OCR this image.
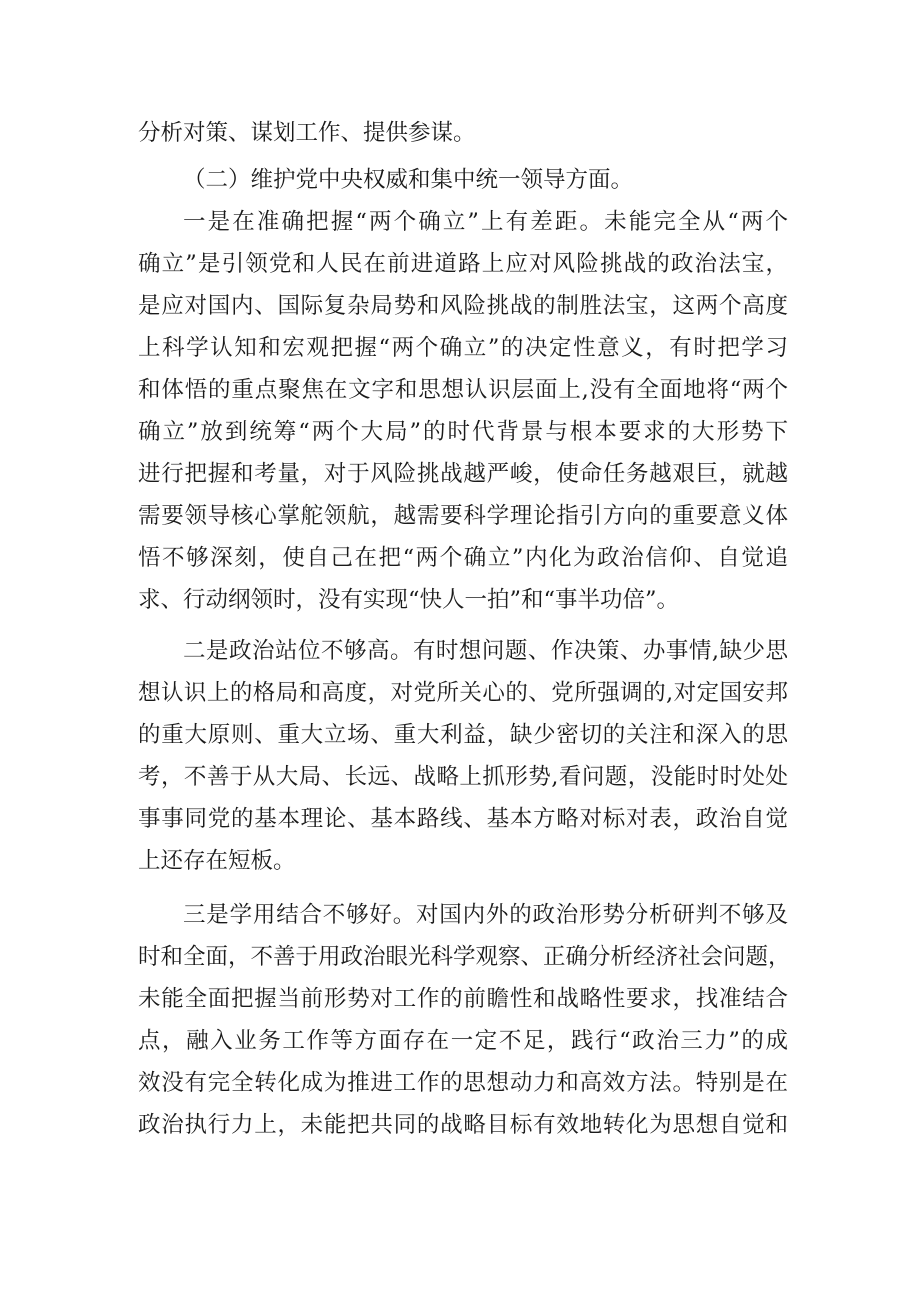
分析对策、谋划工作、提供参谋。
（二）维护党中央权威和集中统一领导方面。
一是在准确把握“两个确立”上有差距。未能完全从“两个
确立”是引领党和人民在前进道路上应对风险挑战的政治法宝，
是应对国内、国际复杂局势和风险挑战的制胜法宝，这两个高度
上科学认知和宏观把握“两个确立”的决定性意义，有时把学习
和体悟的重点聚焦在文字和思想认识层面上,没有全面地将“两个
确立”放到统筹“两个大局”的时代背景与根本要求的大形势下
进行把握和考量，对于风险挑战越严峻，使命任务越艰巨，就越
需要领导核心掌舵领航，越需要科学理论指引方向的重要意义体
悟不够深刻，使自己在把“两个确立”内化为政治信仰、自觉追
求、行动纲领时，没有实现“快人一拍”和“事半功倍”。
二是政治站位不够高。有时想问题、作决策、办事情,缺少思
想认识上的格局和高度，对党所关心的、党所强调的,对定国安邦
的重大原则、重大立场、重大利益，缺少密切的关注和深入的思
考，不善于从大局、长远、战略上抓形势,看问题，没能时时处处
事事同党的基本理论、基本路线、基本方略对标对表，政治自觉
上还存在短板。
三是学用结合不够好。对国内外的政治形势分析研判不够及
时和全面，不善于用政治眼光科学观察、正确分析经济社会问题，
未能全面把握当前形势对工作的前瞻性和战略性要求，找准结合
点，融入业务工作等方面存在一定不足，践行“政治三力”的成
效没有完全转化成为推进工作的思想动力和高效方法。特别是在
政治执行力上，未能把共同的战略目标有效地转化为思想自觉和
